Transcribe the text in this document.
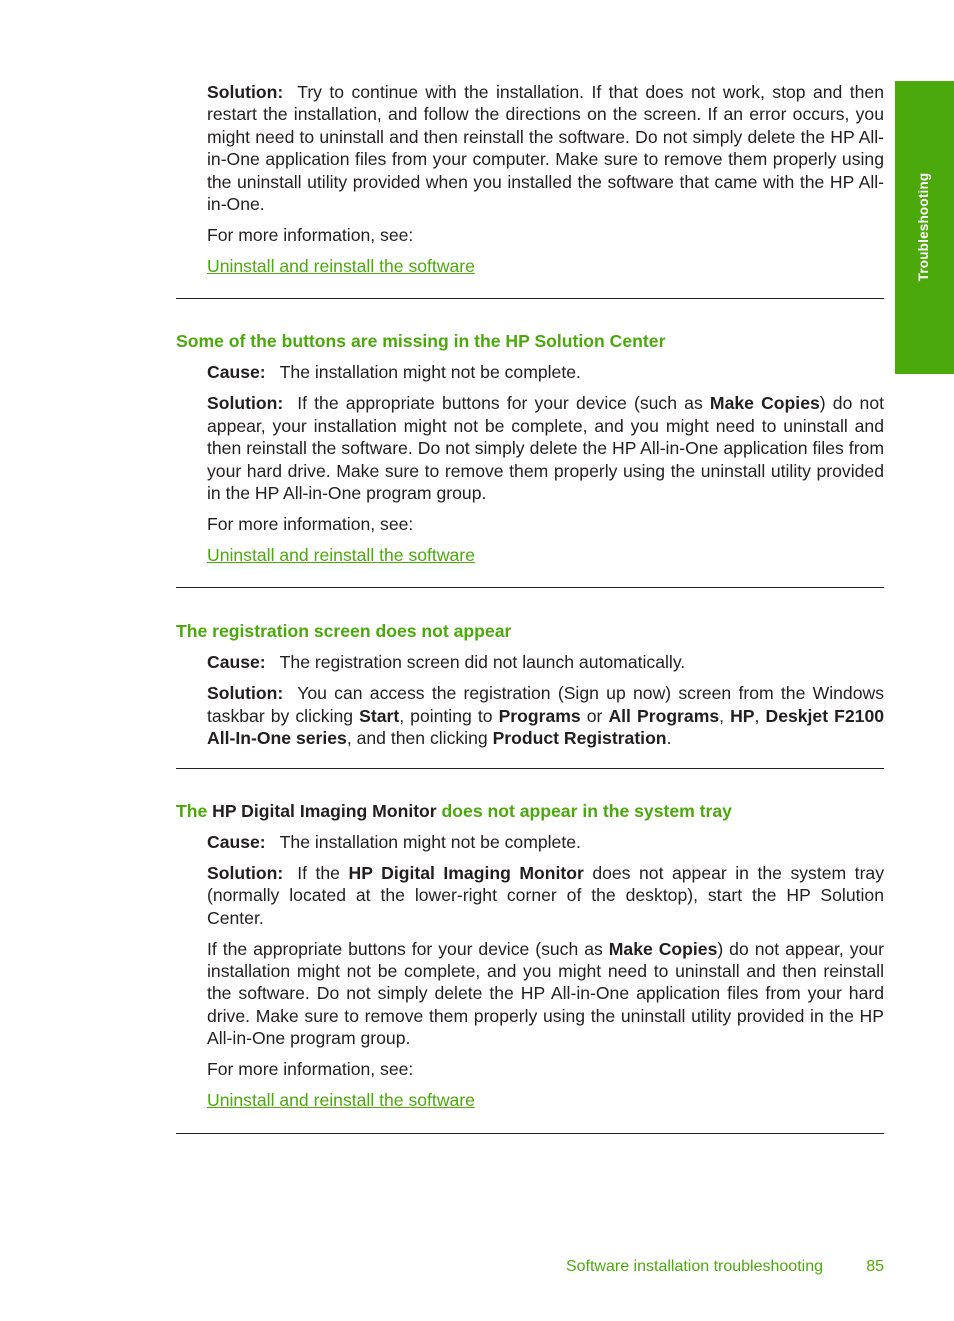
Troubleshooting

Solution: Try to continue with the installation. If that does not work, stop and then restart the installation, and follow the directions on the screen. If an error occurs, you might need to uninstall and then reinstall the software. Do not simply delete the HP All-in-One application files from your computer. Make sure to remove them properly using the uninstall utility provided when you installed the software that came with the HP All-in-One.

For more information, see:

Uninstall and reinstall the software

Some of the buttons are missing in the HP Solution Center

Cause: The installation might not be complete.

Solution: If the appropriate buttons for your device (such as Make Copies) do not appear, your installation might not be complete, and you might need to uninstall and then reinstall the software. Do not simply delete the HP All-in-One application files from your hard drive. Make sure to remove them properly using the uninstall utility provided in the HP All-in-One program group.

For more information, see:

Uninstall and reinstall the software

The registration screen does not appear

Cause: The registration screen did not launch automatically.

Solution: You can access the registration (Sign up now) screen from the Windows taskbar by clicking Start, pointing to Programs or All Programs, HP, Deskjet F2100 All-In-One series, and then clicking Product Registration.

The HP Digital Imaging Monitor does not appear in the system tray

Cause: The installation might not be complete.

Solution: If the HP Digital Imaging Monitor does not appear in the system tray (normally located at the lower-right corner of the desktop), start the HP Solution Center.

If the appropriate buttons for your device (such as Make Copies) do not appear, your installation might not be complete, and you might need to uninstall and then reinstall the software. Do not simply delete the HP All-in-One application files from your hard drive. Make sure to remove them properly using the uninstall utility provided in the HP All-in-One program group.

For more information, see:

Uninstall and reinstall the software

Software installation troubleshooting	85
